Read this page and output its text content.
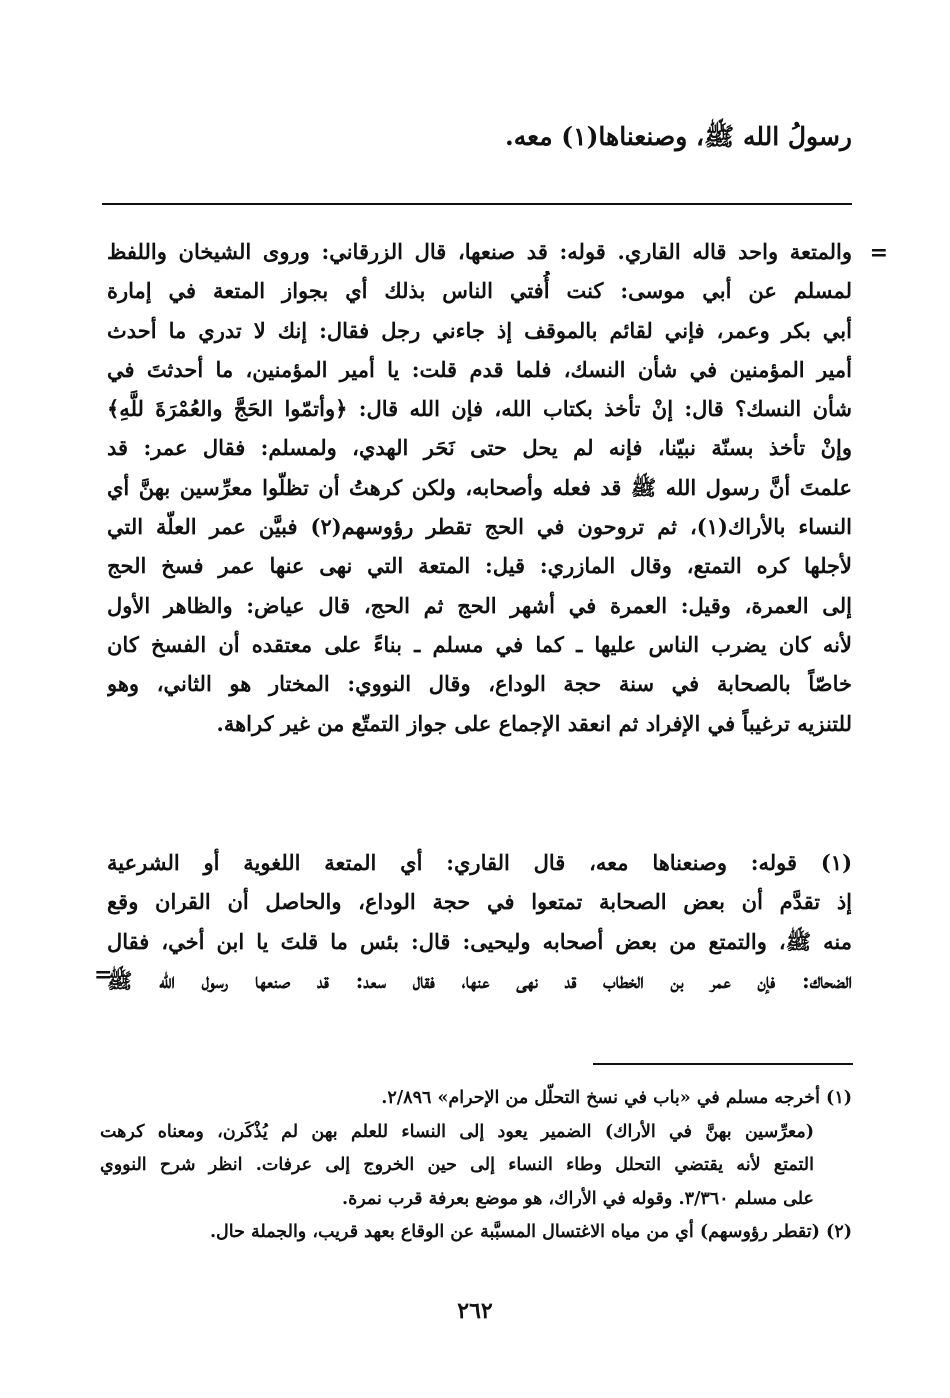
رسولُ الله ﷺ، وصنعناها(١) معه.
=
والمتعة واحد قاله القاري. قوله: قد صنعها، قال الزرقاني: وروى الشيخان واللفظ
لمسلم عن أبي موسى: كنت أُفتي الناس بذلك أي بجواز المتعة في إمارة
أبي بكر وعمر، فإني لقائم بالموقف إذ جاءني رجل فقال: إنك لا تدري ما أحدث
أمير المؤمنين في شأن النسك، فلما قدم قلت: يا أمير المؤمنين، ما أحدثتَ في
شأن النسك؟ قال: إنْ تأخذ بكتاب الله، فإن الله قال: ﴿وأتمّوا الحَجَّ والعُمْرَةَ للَّهِ﴾
وإنْ تأخذ بسنّة نبيّنا، فإنه لم يحل حتى نَحَر الهدي، ولمسلم: فقال عمر: قد
علمتَ أنَّ رسول الله ﷺ قد فعله وأصحابه، ولكن كرهتُ أن تظلّوا معرِّسين بهنَّ أي
النساء بالأراك(١)، ثم تروحون في الحج تقطر رؤوسهم(٢) فبيَّن عمر العلّة التي
لأجلها كره التمتع، وقال المازري: قيل: المتعة التي نهى عنها عمر فسخ الحج
إلى العمرة، وقيل: العمرة في أشهر الحج ثم الحج، قال عياض: والظاهر الأول
لأنه كان يضرب الناس عليها ـ كما في مسلم ـ بناءً على معتقده أن الفسخ كان
خاصّاً بالصحابة في سنة حجة الوداع، وقال النووي: المختار هو الثاني، وهو
للتنزيه ترغيباً في الإفراد ثم انعقد الإجماع على جواز التمتّع من غير كراهة.
(١) قوله: وصنعناها معه، قال القاري: أي المتعة اللغوية أو الشرعية
إذ تقدَّم أن بعض الصحابة تمتعوا في حجة الوداع، والحاصل أن القران وقع
منه ﷺ، والتمتع من بعض أصحابه وليحيى: قال: بئس ما قلتَ يا ابن أخي، فقال
الضحاك: فإن عمر بن الخطاب قد نهى عنها، فقال سعد: قد صنعها رسول الله ﷺ
=
(١) أخرجه مسلم في «باب في نسخ التحلّل من الإحرام» ٢/٨٩٦.
(معرِّسين بهنَّ في الأراك) الضمير يعود إلى النساء للعلم بهن لم يُذْكَرن، ومعناه كرهت
التمتع لأنه يقتضي التحلل وطاء النساء إلى حين الخروج إلى عرفات. انظر شرح النووي
على مسلم ٣/٣٦٠. وقوله في الأراك، هو موضع بعرفة قرب نمرة.
(٢) (تقطر رؤوسهم) أي من مياه الاغتسال المسبَّبة عن الوقاع بعهد قريب، والجملة حال.
٢٦٢
